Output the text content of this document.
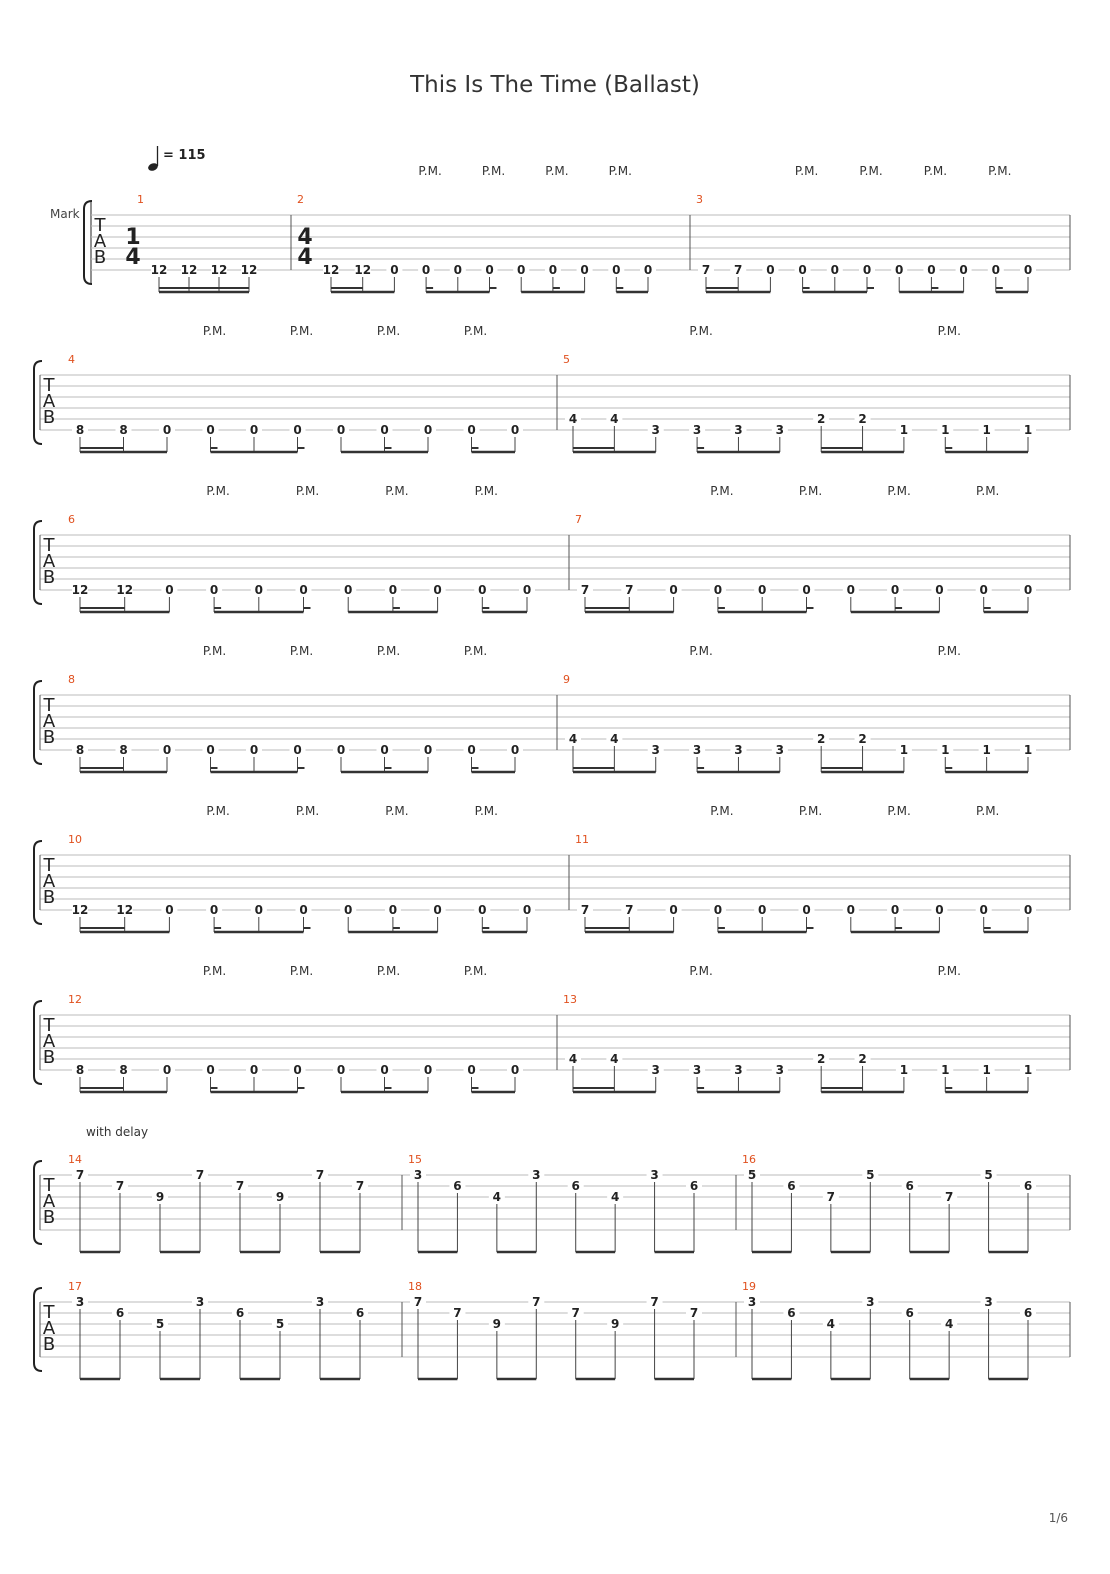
This Is The Time (Ballast)
= 115
Mark
with delay
T
A
B
1
1
4 12 12 12 12
2
4
4 12 12 0 0 0 0 0 0 0 0 0
P.M.	P.M.	P.M.	P.M.
3
7 7 0 0 0 0 0 0 0 0 0
P.M.	P.M.	P.M.	P.M.
T
A
B
4
8	8	0	0	0	0	0	0	0	0	0
P.M.	P.M.	P.M.	P.M.
5
4	4
3	3	3	3
2	2
1	1	1	1
P.M.	P.M.
T
A
B
6
12 12	0	0	0	0	0	0	0	0	0
P.M.	P.M.	P.M.	P.M.
7
7	7	0	0	0	0	0	0	0	0	0
P.M.	P.M.	P.M.	P.M.
T
A
B
8
8	8	0	0	0	0	0	0	0	0	0
P.M.	P.M.	P.M.	P.M.
9
4	4
3	3	3	3
2	2
1	1	1	1
P.M.	P.M.
T
A
B
10
12 12	0	0	0	0	0	0	0	0	0
P.M.	P.M.	P.M.	P.M.
11
7	7	0	0	0	0	0	0	0	0	0
P.M.	P.M.	P.M.	P.M.
T
A
B
12
8	8	0	0	0	0	0	0	0	0	0
P.M.	P.M.	P.M.	P.M.
13
4	4
3	3	3	3
2	2
1	1	1	1
P.M.	P.M.
T
A
B
14
7
7
9
7
7
9
7
7
15
3
6
4
3
6
4
3
6
16
5
6
7
5
6
7
5
6
T
A
B
17
3
6
5
3
6
5
3
6
18
7
7
9
7
7
9
7
7
19
3
6
4
3
6
4
3
6
1/6
